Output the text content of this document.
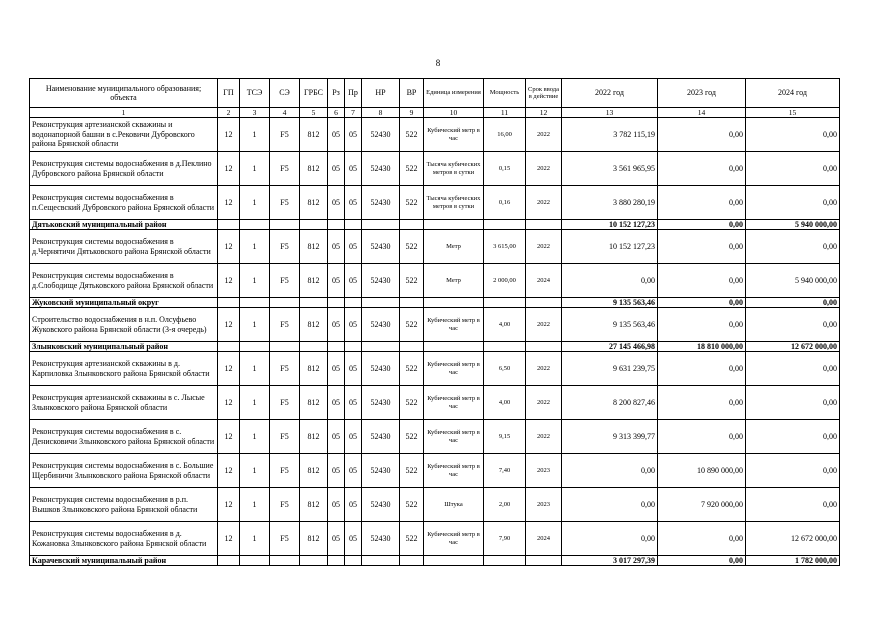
8
Наименование муниципального образования; объекта	ГП	ТСЭ	СЭ	ГРБС	Рз	Пр	НР	ВР	Единица измерения	Мощность	Срок ввода в действие	2022 год	2023 год	2024 год
1	2	3	4	5	6	7	8	9	10	11	12	13	14	15
Реконструкция артезианской скважины и водонапорной башни в с.Рековичи Дубровского района Брянской области	12	1	F5	812	05	05	52430	522	Кубический метр в час	16,00	2022	3 782 115,19	0,00	0,00
Реконструкция системы водоснабжения в д.Пеклино Дубровского района Брянской области	12	1	F5	812	05	05	52430	522	Тысяча кубических метров в сутки	0,15	2022	3 561 965,95	0,00	0,00
Реконструкция системы водоснабжения в п.Сещесвский Дубровского района Брянской области	12	1	F5	812	05	05	52430	522	Тысяча кубических метров в сутки	0,16	2022	3 880 280,19	0,00	0,00
Дятьковский муниципальный район												10 152 127,23	0,00	5 940 000,00
Реконструкция системы водоснабжения в д.Чернятичи Дятьковского района Брянской области	12	1	F5	812	05	05	52430	522	Метр	3 615,00	2022	10 152 127,23	0,00	0,00
Реконструкция системы водоснабжения в д.Слободище Дятьковского района Брянской области	12	1	F5	812	05	05	52430	522	Метр	2 000,00	2024	0,00	0,00	5 940 000,00
Жуковский муниципальный округ												9 135 563,46	0,00	0,00
Строительство водоснабжения в н.п. Олсуфьево Жуковского района Брянской области (3-я очередь)	12	1	F5	812	05	05	52430	522	Кубический метр в час	4,00	2022	9 135 563,46	0,00	0,00
Злынковский муниципальный район												27 145 466,98	18 810 000,00	12 672 000,00
Реконструкция артезианской скважины в д. Карпиловка Злынковского района Брянской области	12	1	F5	812	05	05	52430	522	Кубический метр в час	6,50	2022	9 631 239,75	0,00	0,00
Реконструкция артезианской скважины в с. Лысые Злынковского района Брянской области	12	1	F5	812	05	05	52430	522	Кубический метр в час	4,00	2022	8 200 827,46	0,00	0,00
Реконструкция системы водоснабжения в с. Денисковичи Злынковского района Брянской области	12	1	F5	812	05	05	52430	522	Кубический метр в час	9,15	2022	9 313 399,77	0,00	0,00
Реконструкция системы водоснабжения в с. Большие Щербиничи Злынковского района Брянской области	12	1	F5	812	05	05	52430	522	Кубический метр в час	7,40	2023	0,00	10 890 000,00	0,00
Реконструкция системы водоснабжения в р.п. Вышков Злынковского района Брянской области	12	1	F5	812	05	05	52430	522	Штука	2,00	2023	0,00	7 920 000,00	0,00
Реконструкция системы водоснабжения в д. Кожановка Злынковского района Брянской области	12	1	F5	812	05	05	52430	522	Кубический метр в час	7,90	2024	0,00	0,00	12 672 000,00
Карачевский муниципальный район												3 017 297,39	0,00	1 782 000,00
